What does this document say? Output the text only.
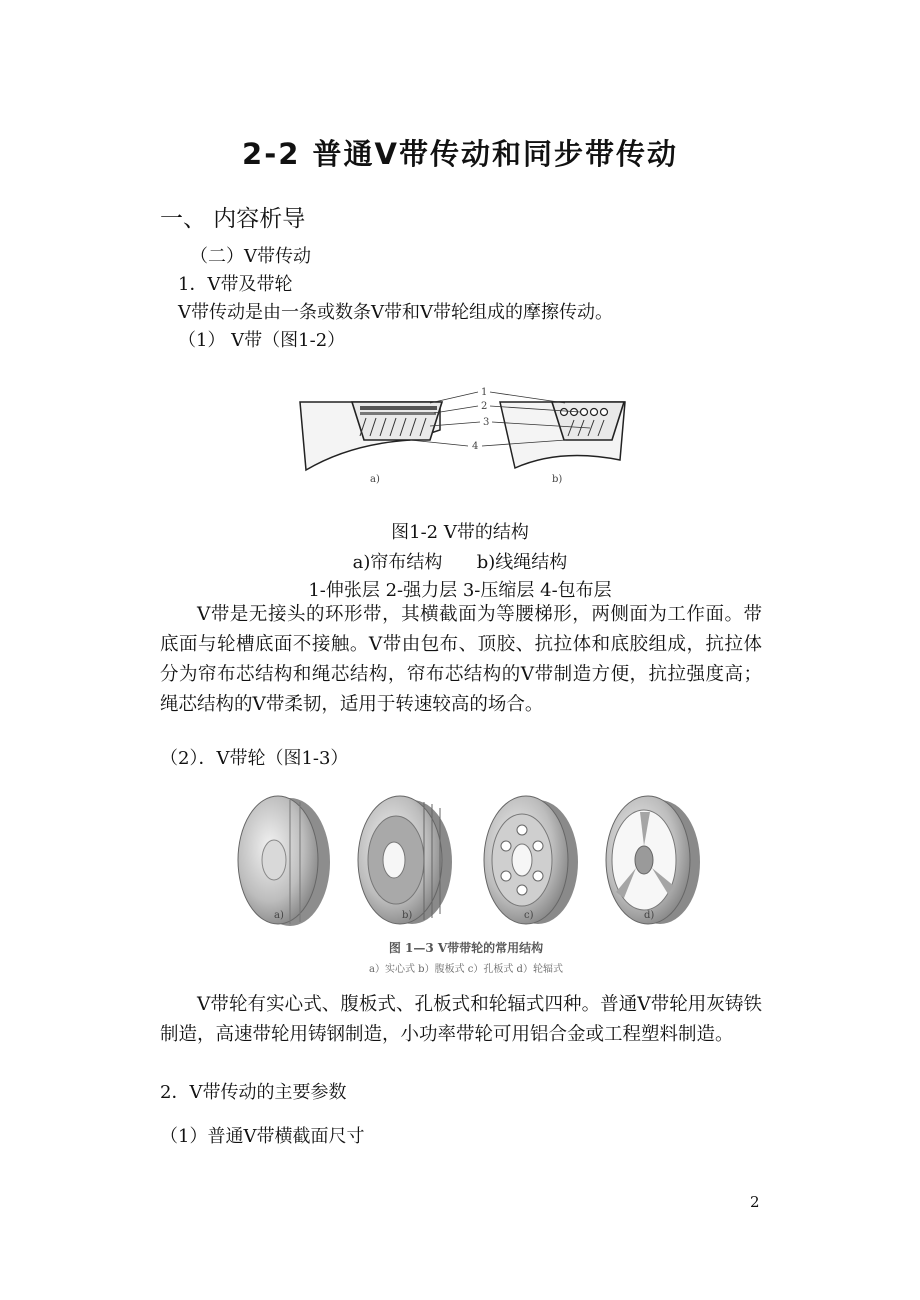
2-2 普通V带传动和同步带传动
一、 内容析导
（二）V带传动
1．V带及带轮
V带传动是由一条或数条V带和V带轮组成的摩擦传动。
（1） V带（图1-2）
1
2
3
4
a)	b)
图1-2 V带的结构
a)帘布结构      b)线绳结构
1-伸张层 2-强力层 3-压缩层 4-包布层
V带是无接头的环形带，其横截面为等腰梯形，两侧面为工作面。带底面与轮槽底面不接触。V带由包布、顶胶、抗拉体和底胶组成，抗拉体分为帘布芯结构和绳芯结构，帘布芯结构的V带制造方便，抗拉强度高；绳芯结构的V带柔韧，适用于转速较高的场合。
（2）．V带轮（图1-3）
a)	b)	c)	d)
图 1—3 V带带轮的常用结构
a）实心式 b）腹板式 c）孔板式 d）轮辐式
V带轮有实心式、腹板式、孔板式和轮辐式四种。普通V带轮用灰铸铁制造，高速带轮用铸钢制造，小功率带轮可用铝合金或工程塑料制造。
2．V带传动的主要参数
（1）普通V带横截面尺寸
2
